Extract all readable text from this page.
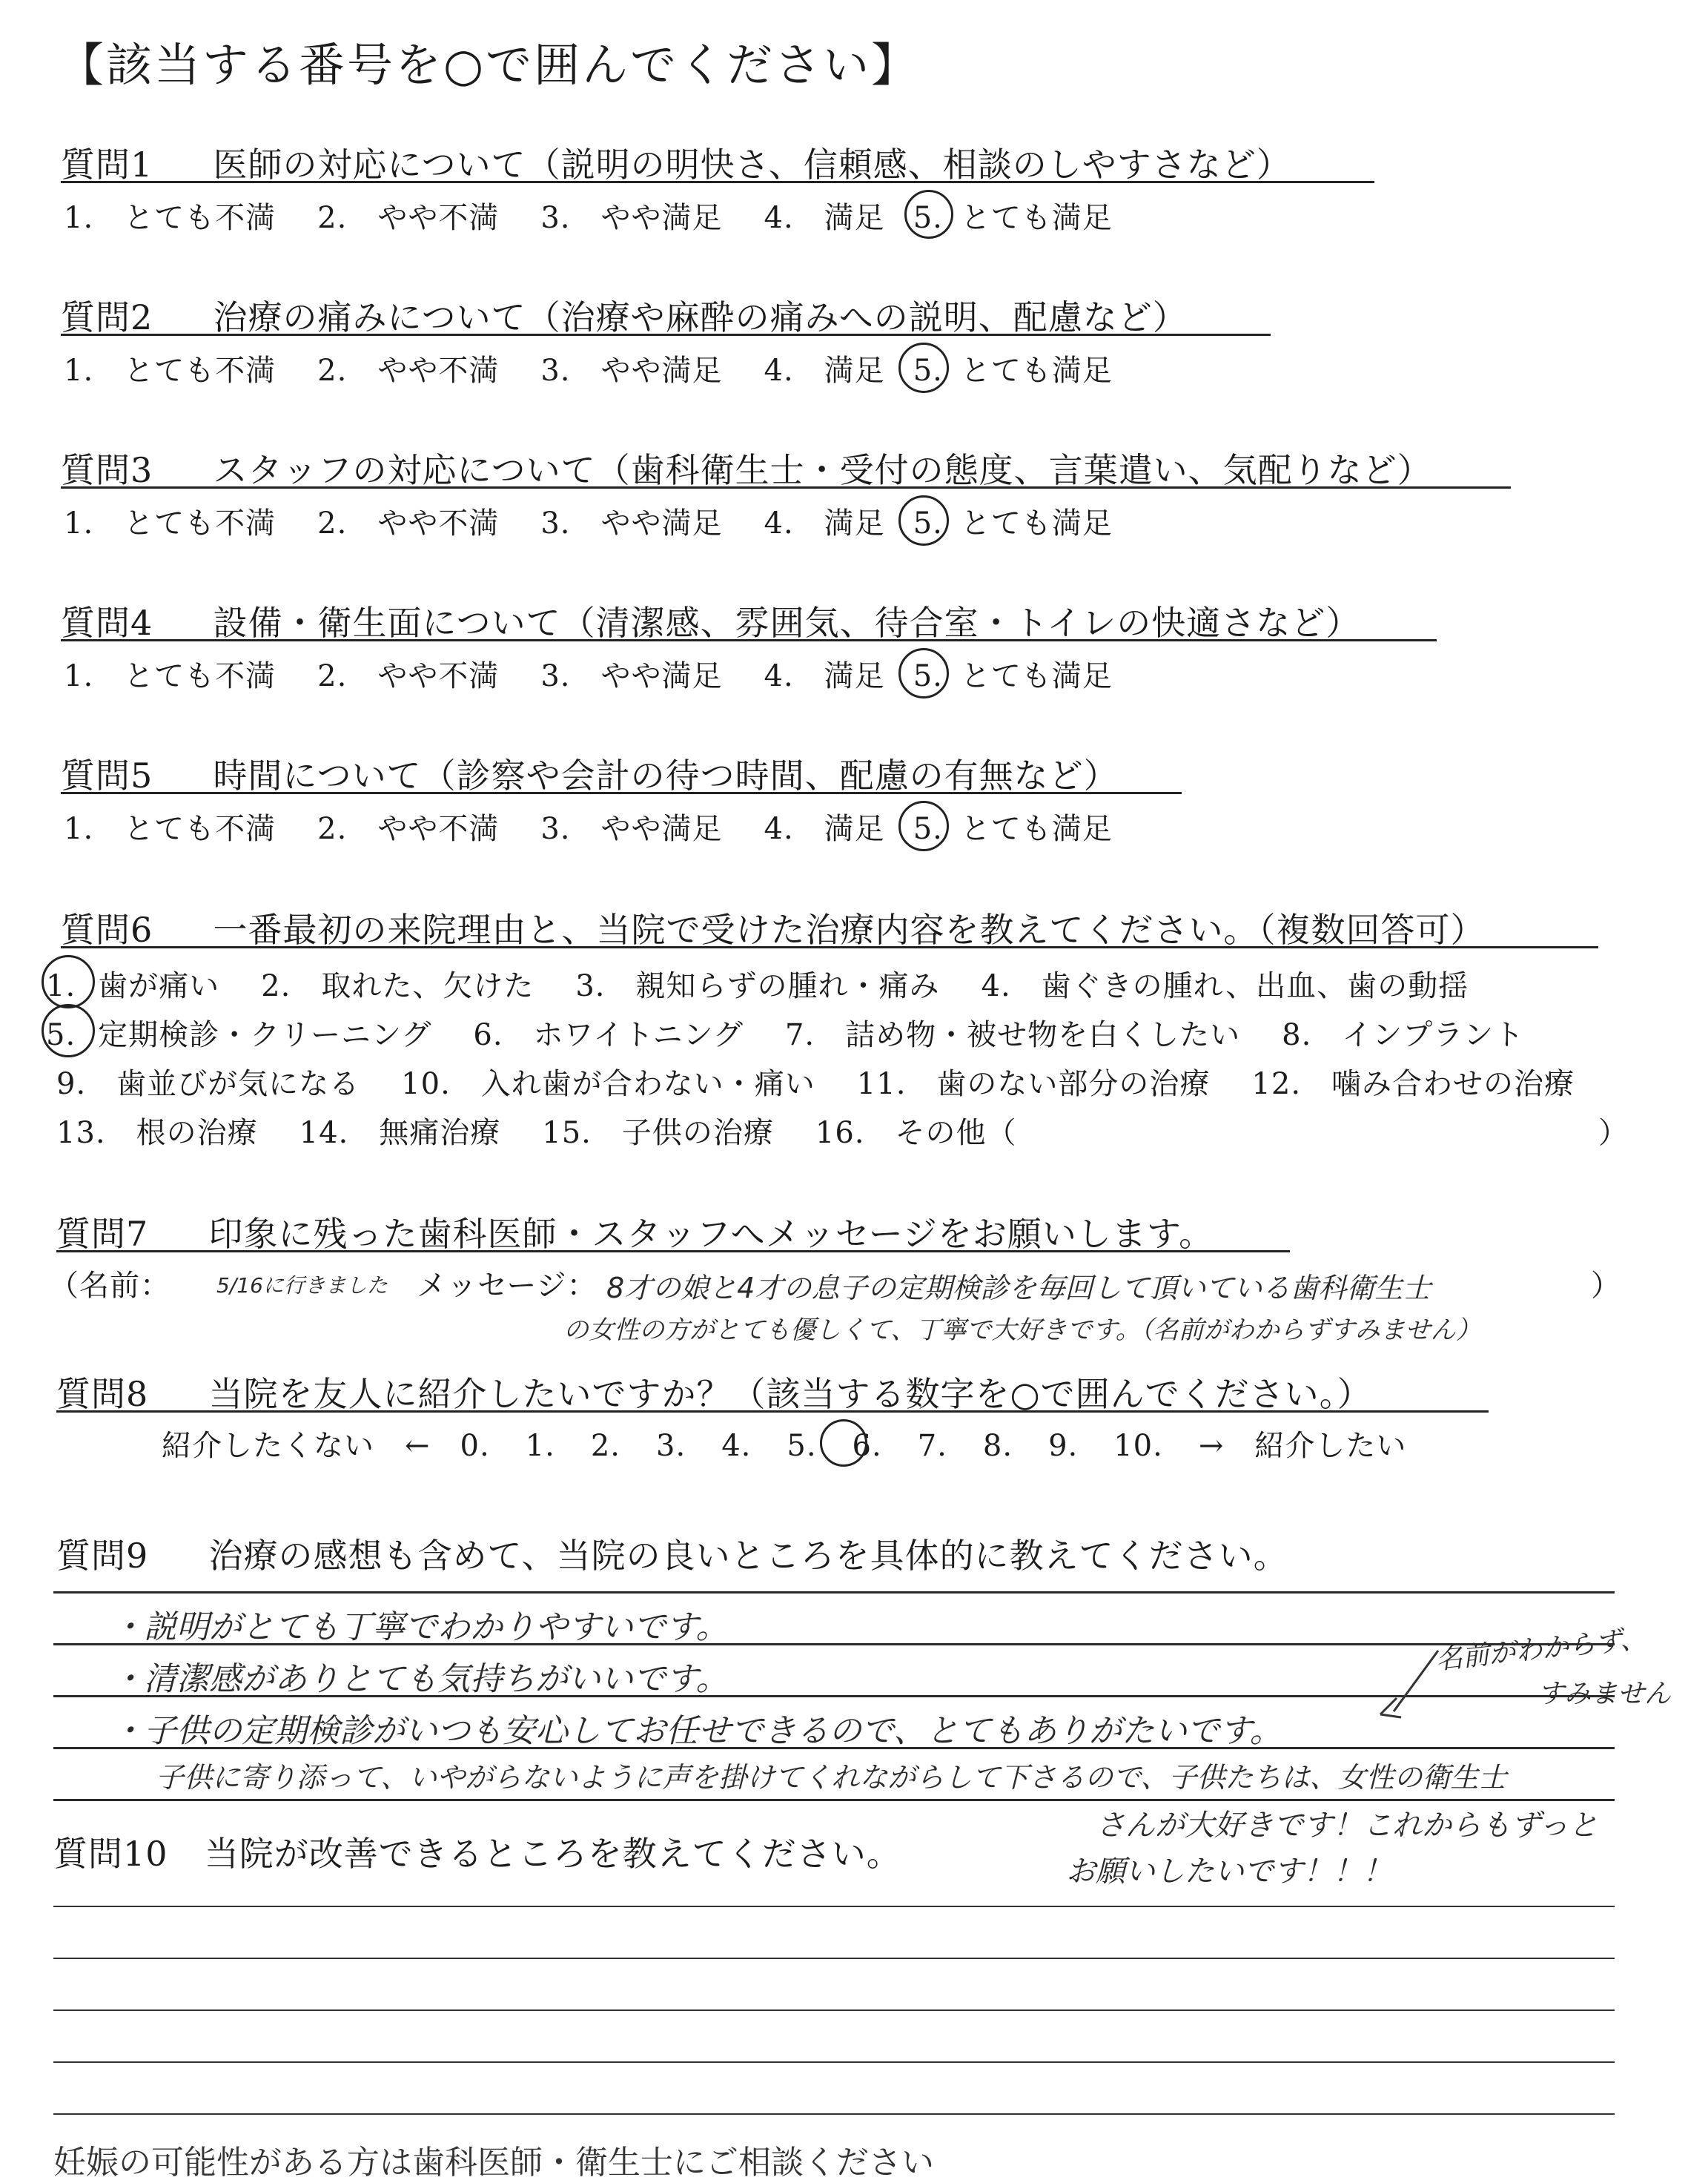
【該当する番号を○で囲んでください】
質問1 医師の対応について（説明の明快さ、信頼感、相談のしやすさなど）
1.　とても不満 2.　やや不満 3.　やや満足 4.　満足 5. とても満足
質問2 治療の痛みについて（治療や麻酔の痛みへの説明、配慮など）
1.　とても不満 2.　やや不満 3.　やや満足 4.　満足 5. とても満足
質問3 スタッフの対応について（歯科衛生士・受付の態度、言葉遣い、気配りなど）
1.　とても不満 2.　やや不満 3.　やや満足 4.　満足 5. とても満足
質問4 設備・衛生面について（清潔感、雰囲気、待合室・トイレの快適さなど）
1.　とても不満 2.　やや不満 3.　やや満足 4.　満足 5. とても満足
質問5 時間について（診察や会計の待つ時間、配慮の有無など）
1.　とても不満 2.　やや不満 3.　やや満足 4.　満足 5. とても満足
質問6 一番最初の来院理由と、当院で受けた治療内容を教えてください。（複数回答可）
1. 歯が痛い 2.　取れた、欠けた 3.　親知らずの腫れ・痛み 4.　歯ぐきの腫れ、出血、歯の動揺
5. 定期検診・クリーニング 6.　ホワイトニング 7.　詰め物・被せ物を白くしたい 8.　インプラント
9.　歯並びが気になる 10.　入れ歯が合わない・痛い 11.　歯のない部分の治療 12.　噛み合わせの治療
13.　根の治療 14.　無痛治療 15.　子供の治療 16.　その他（	）
質問7 印象に残った歯科医師・スタッフへメッセージをお願いします。
（名前： 5/16に行きました メッセージ： 8才の娘と4才の息子の定期検診を毎回して頂いている歯科衛生士	）
の女性の方がとても優しくて、丁寧で大好きです。（名前がわからずすみません）
質問8 当院を友人に紹介したいですか？（該当する数字を○で囲んでください。）
紹介したくない　← 0. 1. 2. 3. 4. 5. 6. 7. 8. 9. 10. →　紹介したい
質問9 治療の感想も含めて、当院の良いところを具体的に教えてください。
・説明がとても丁寧でわかりやすいです。
・清潔感がありとても気持ちがいいです。
・子供の定期検診がいつも安心してお任せできるので、とてもありがたいです。
子供に寄り添って、いやがらないように声を掛けてくれながらして下さるので、子供たちは、女性の衛生士
さんが大好きです！これからもずっと
お願いしたいです！！！
名前がわからず、
すみません
質問10 当院が改善できるところを教えてください。
妊娠の可能性がある方は歯科医師・衛生士にご相談ください
